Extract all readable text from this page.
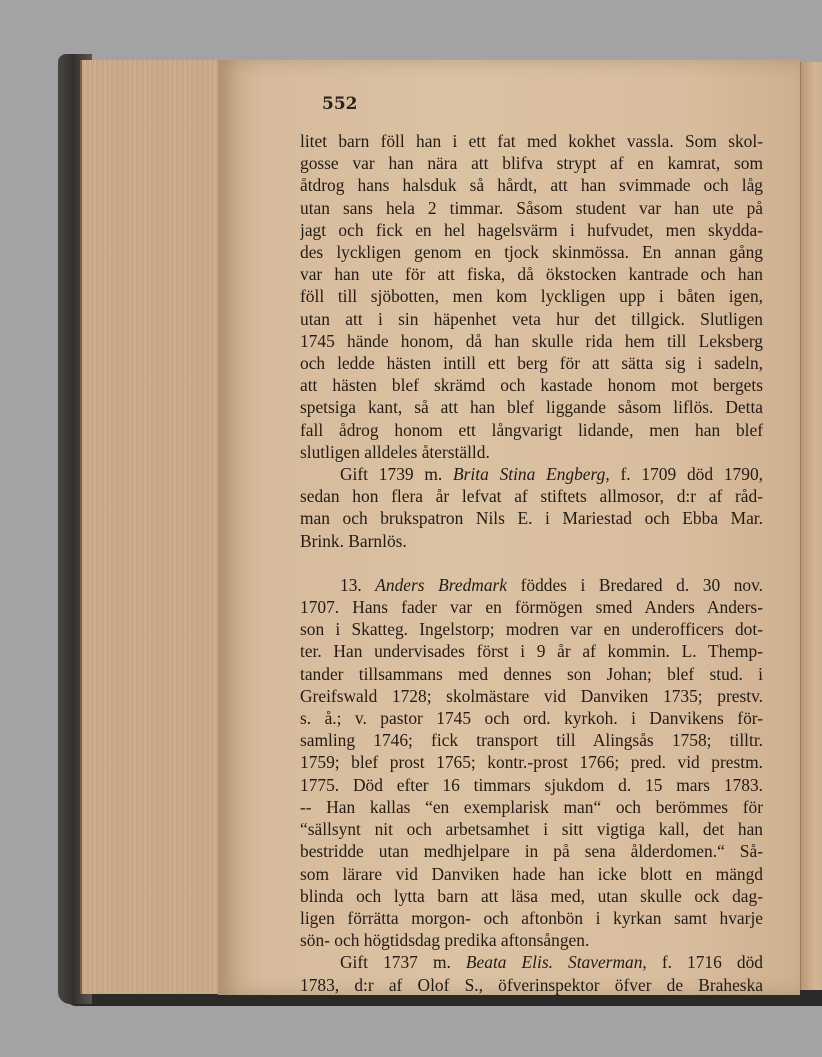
552
litet barn föll han i ett fat med kokhet vassla. Som skol-
gosse var han nära att blifva strypt af en kamrat, som
åtdrog hans halsduk så hårdt, att han svimmade och låg
utan sans hela 2 timmar. Såsom student var han ute på
jagt och fick en hel hagelsvärm i hufvudet, men skydda-
des lyckligen genom en tjock skinmössa. En annan gång
var han ute för att fiska, då ökstocken kantrade och han
föll till sjöbotten, men kom lyckligen upp i båten igen,
utan att i sin häpenhet veta hur det tillgick. Slutligen
1745 hände honom, då han skulle rida hem till Leksberg
och ledde hästen intill ett berg för att sätta sig i sadeln,
att hästen blef skrämd och kastade honom mot bergets
spetsiga kant, så att han blef liggande såsom liflös. Detta
fall ådrog honom ett långvarigt lidande, men han blef
slutligen alldeles återställd.
Gift 1739 m. Brita Stina Engberg, f. 1709 död 1790,
sedan hon flera år lefvat af stiftets allmosor, d:r af råd-
man och brukspatron Nils E. i Mariestad och Ebba Mar.
Brink. Barnlös.
13. Anders Bredmark föddes i Bredared d. 30 nov.
1707. Hans fader var en förmögen smed Anders Anders-
son i Skatteg. Ingelstorp; modren var en underofficers dot-
ter. Han undervisades först i 9 år af kommin. L. Themp-
tander tillsammans med dennes son Johan; blef stud. i
Greifswald 1728; skolmästare vid Danviken 1735; prestv.
s. å.; v. pastor 1745 och ord. kyrkoh. i Danvikens för-
samling 1746; fick transport till Alingsås 1758; tilltr.
1759; blef prost 1765; kontr.-prost 1766; pred. vid prestm.
1775. Död efter 16 timmars sjukdom d. 15 mars 1783.
-- Han kallas “en exemplarisk man“ och berömmes för
“sällsynt nit och arbetsamhet i sitt vigtiga kall, det han
bestridde utan medhjelpare in på sena ålderdomen.“ Så-
som lärare vid Danviken hade han icke blott en mängd
blinda och lytta barn att läsa med, utan skulle ock dag-
ligen förrätta morgon- och aftonbön i kyrkan samt hvarje
sön- och högtidsdag predika aftonsången.
Gift 1737 m. Beata Elis. Staverman, f. 1716 död
1783, d:r af Olof S., öfverinspektor öfver de Braheska
